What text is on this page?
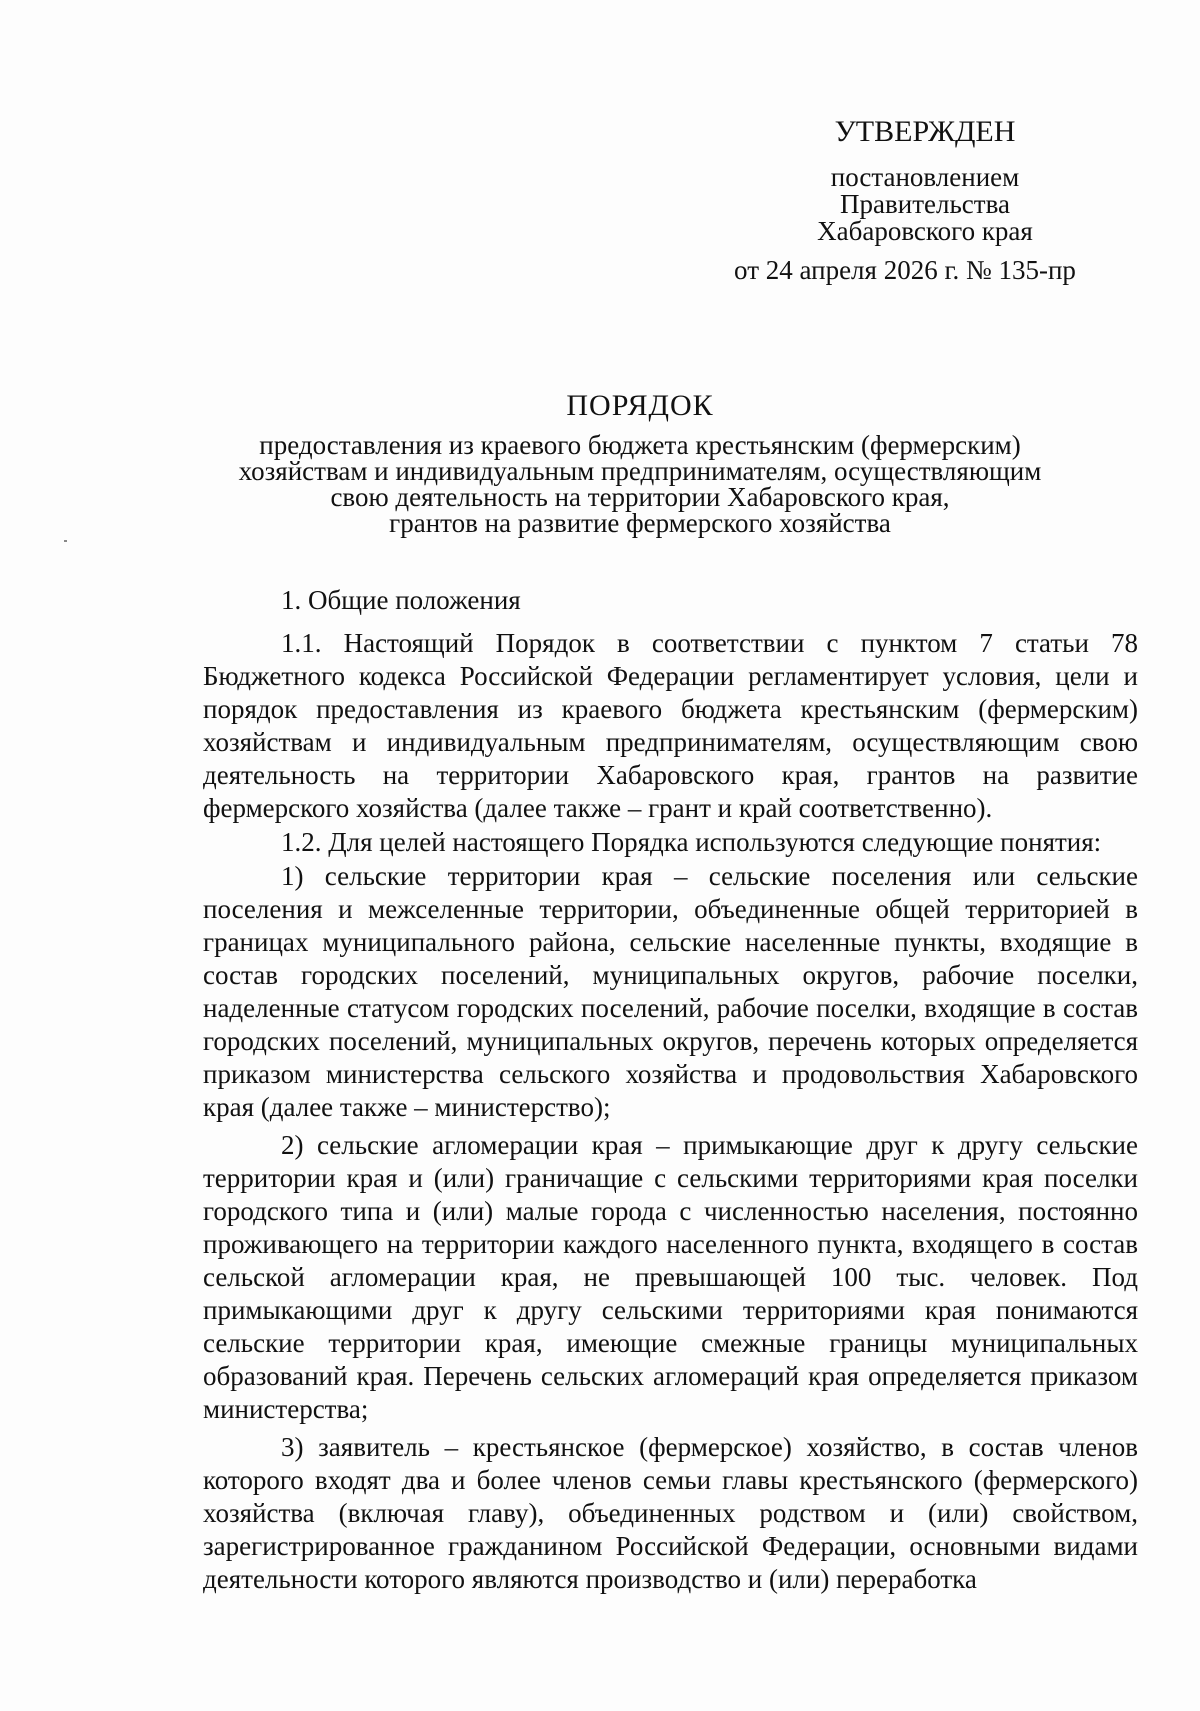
УТВЕРЖДЕН
постановлением
Правительства
Хабаровского края
от 24 апреля 2026 г. № 135-пр
ПОРЯДОК
предоставления из краевого бюджета крестьянским (фермерским)
хозяйствам и индивидуальным предпринимателям, осуществляющим
свою деятельность на территории Хабаровского края,
грантов на развитие фермерского хозяйства
1. Общие положения

1.1. Настоящий Порядок в соответствии с пунктом 7 статьи 78 Бюджетного кодекса Российской Федерации регламентирует условия, цели и порядок предоставления из краевого бюджета крестьянским (фермерским) хозяйствам и индивидуальным предпринимателям, осуществляющим свою деятельность на территории Хабаровского края, грантов на развитие фермерского хозяйства (далее также – грант и край соответственно).

1.2. Для целей настоящего Порядка используются следующие понятия:

1) сельские территории края – сельские поселения или сельские поселения и межселенные территории, объединенные общей территорией в границах муниципального района, сельские населенные пункты, входящие в состав городских поселений, муниципальных округов, рабочие поселки, наделенные статусом городских поселений, рабочие поселки, входящие в состав городских поселений, муниципальных округов, перечень которых определяется приказом министерства сельского хозяйства и продовольствия Хабаровского края (далее также – министерство);

2) сельские агломерации края – примыкающие друг к другу сельские территории края и (или) граничащие с сельскими территориями края поселки городского типа и (или) малые города с численностью населения, постоянно проживающего на территории каждого населенного пункта, входящего в состав сельской агломерации края, не превышающей 100 тыс. человек. Под примыкающими друг к другу сельскими территориями края понимаются сельские территории края, имеющие смежные границы муниципальных образований края. Перечень сельских агломераций края определяется приказом министерства;

3) заявитель – крестьянское (фермерское) хозяйство, в состав членов которого входят два и более членов семьи главы крестьянского (фермерского) хозяйства (включая главу), объединенных родством и (или) свойством, зарегистрированное гражданином Российской Федерации, основными видами деятельности которого являются производство и (или) переработка
